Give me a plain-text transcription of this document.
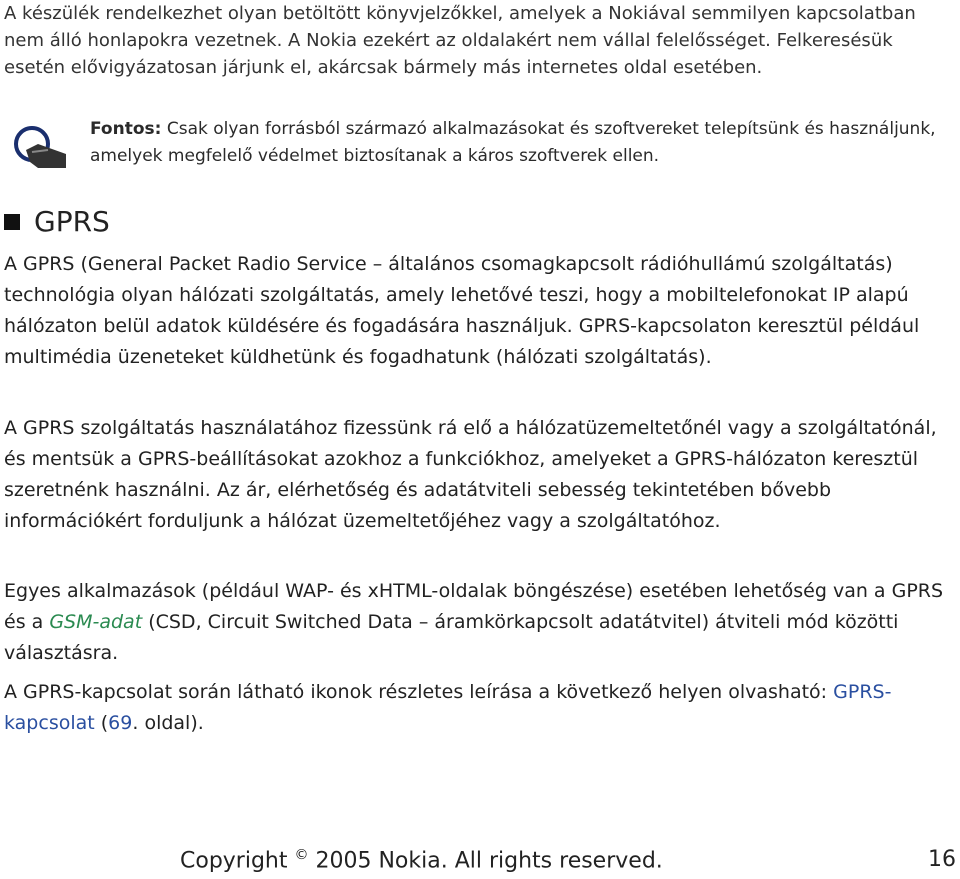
A készülék rendelkezhet olyan betöltött könyvjelzőkkel, amelyek a Nokiával semmilyen kapcsolatban nem álló honlapokra vezetnek. A Nokia ezekért az oldalakért nem vállal felelősséget. Felkeresésük esetén elővigyázatosan járjunk el, akárcsak bármely más internetes oldal esetében.

Fontos: Csak olyan forrásból származó alkalmazásokat és szoftvereket telepítsünk és használjunk, amelyek megfelelő védelmet biztosítanak a káros szoftverek ellen.

GPRS

A GPRS (General Packet Radio Service – általános csomagkapcsolt rádióhullámú szolgáltatás) technológia olyan hálózati szolgáltatás, amely lehetővé teszi, hogy a mobiltelefonokat IP alapú hálózaton belül adatok küldésére és fogadására használjuk. GPRS-kapcsolaton keresztül például multimédia üzeneteket küldhetünk és fogadhatunk (hálózati szolgáltatás).

A GPRS szolgáltatás használatához fizessünk rá elő a hálózatüzemeltetőnél vagy a szolgáltatónál, és mentsük a GPRS-beállításokat azokhoz a funkciókhoz, amelyeket a GPRS-hálózaton keresztül szeretnénk használni. Az ár, elérhetőség és adatátviteli sebesség tekintetében bővebb információkért forduljunk a hálózat üzemeltetőjéhez vagy a szolgáltatóhoz.

Egyes alkalmazások (például WAP- és xHTML-oldalak böngészése) esetében lehetőség van a GPRS és a GSM-adat (CSD, Circuit Switched Data – áramkörkapcsolt adatátvitel) átviteli mód közötti választásra.

A GPRS-kapcsolat során látható ikonok részletes leírása a következő helyen olvasható: GPRS-kapcsolat (69. oldal).

Copyright © 2005 Nokia. All rights reserved.	16
